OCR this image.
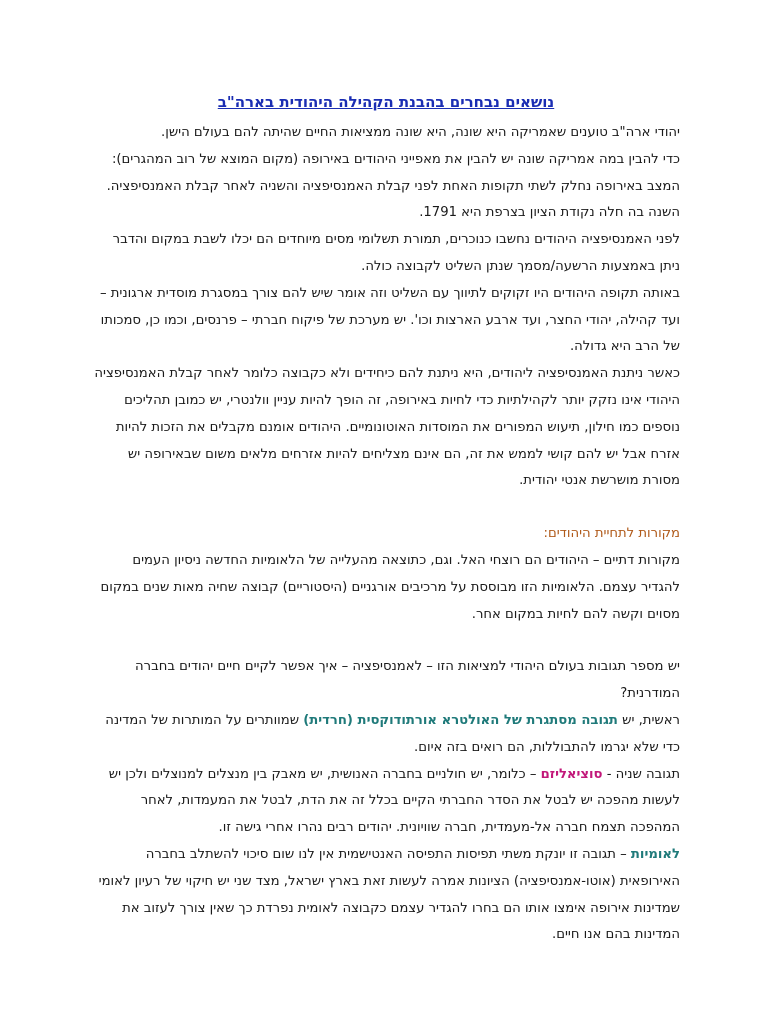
נושאים נבחרים בהבנת הקהילה היהודית בארה"ב

יהודי ארה"ב טוענים שאמריקה היא שונה, היא שונה ממציאות החיים שהיתה להם בעולם הישן.

כדי להבין במה אמריקה שונה יש להבין את מאפייני היהודים באירופה (מקום המוצא של רוב המהגרים):

המצב באירופה נחלק לשתי תקופות האחת לפני קבלת האמנסיפציה והשניה לאחר קבלת האמנסיפציה. השנה בה חלה נקודת הציון בצרפת היא 1791.

לפני האמנסיפציה היהודים נחשבו כנוכרים, תמורת תשלומי מסים מיוחדים הם יכלו לשבת במקום והדבר ניתן באמצעות הרשעה/מסמך שנתן השליט לקבוצה כולה.

באותה תקופה היהודים היו זקוקים לתיווך עם השליט וזה אומר שיש להם צורך במסגרת מוסדית ארגונית – ועד קהילה, יהודי החצר, ועד ארבע הארצות וכו'. יש מערכת של פיקוח חברתי – פרנסים, וכמו כן, סמכותו של הרב היא גדולה.

כאשר ניתנת האמנסיפציה ליהודים, היא ניתנת להם כיחידים ולא כקבוצה כלומר לאחר קבלת האמנסיפציה היהודי אינו נזקק יותר לקהילתיות כדי לחיות באירופה, זה הופך להיות עניין וולנטרי, יש כמובן תהליכים נוספים כמו חילון, תיעוש המפורים את המוסדות האוטונומיים. היהודים אומנם מקבלים את הזכות להיות אזרח אבל יש להם קושי לממש את זה, הם אינם מצליחים להיות אזרחים מלאים משום שבאירופה יש מסורת מושרשת אנטי יהודית.

מקורות לתחיית היהודים:

מקורות דתיים – היהודים הם רוצחי האל. וגם, כתוצאה מהעלייה של הלאומיות החדשה ניסיון העמים להגדיר עצמם. הלאומיות הזו מבוססת על מרכיבים אורגניים (היסטוריים) קבוצה שחיה מאות שנים במקום מסוים וקשה להם לחיות במקום אחר.

יש מספר תגובות בעולם היהודי למציאות הזו – לאמנסיפציה – איך אפשר לקיים חיים יהודים בחברה המודרנית?

ראשית, יש תגובה מסתגרת של האולטרא אורתודוקסית (חרדית) שמוותרים על המותרות של המדינה כדי שלא יגרמו להתבוללות, הם רואים בזה איום.

תגובה שניה - סוציאליזם – כלומר, יש חולניים בחברה האנושית, יש מאבק בין מנצלים למנוצלים ולכן יש לעשות מהפכה יש לבטל את הסדר החברתי הקיים בכלל זה את הדת, לבטל את המעמדות, לאחר המהפכה תצמח חברה אל-מעמדית, חברה שוויונית. יהודים רבים נהרו אחרי גישה זו.

לאומיות – תגובה זו יונקת משתי תפיסות התפיסה האנטישמית אין לנו שום סיכוי להשתלב בחברה האירופאית (אוטו-אמנסיפציה) הציונות אמרה לעשות זאת בארץ ישראל, מצד שני יש חיקוי של רעיון לאומי שמדינות אירופה אימצו אותו הם בחרו להגדיר עצמם כקבוצה לאומית נפרדת כך שאין צורך לעזוב את המדינות בהם אנו חיים.
